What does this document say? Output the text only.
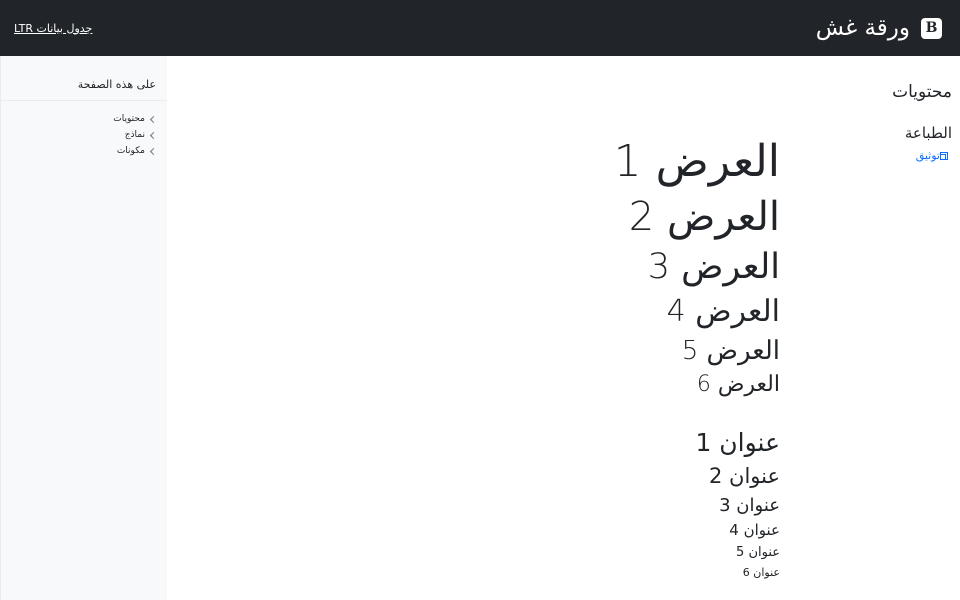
B
ورقة غش
جدول بيانات LTR
محتويات
الطباعة
توثيق
على هذه الصفحة
محتويات
نماذج
مكونات	العرض 1
العرض 2
العرض 3
العرض 4
العرض 5
العرض 6
عنوان 1
عنوان 2
عنوان 3
عنوان 4
عنوان 5
عنوان 6
